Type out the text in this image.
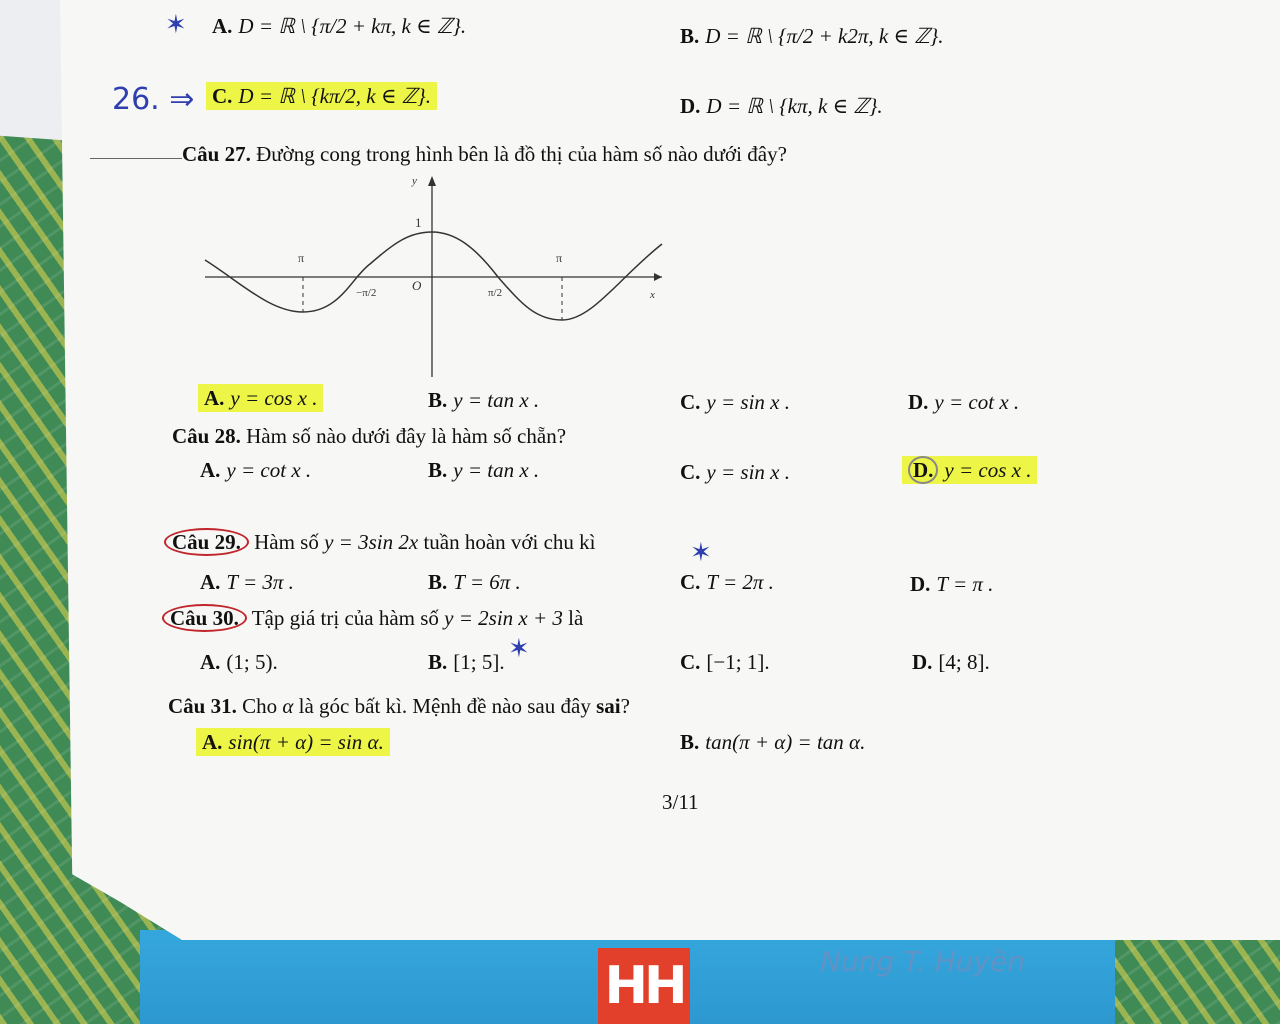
HH	Nung T. Huyền
✶ A. D = ℝ \ {π/2 + kπ, k ∈ ℤ}.	B. D = ℝ \ {π/2 + k2π, k ∈ ℤ}.
26. ⇒ C. D = ℝ \ {kπ/2, k ∈ ℤ}.	D. D = ℝ \ {kπ, k ∈ ℤ}.
Câu 27. Đường cong trong hình bên là đồ thị của hàm số nào dưới đây?
y
x
1
O
π	π
−π/2	π/2
A. y = cos x .	B. y = tan x .	C. y = sin x .	D. y = cot x .
Câu 28. Hàm số nào dưới đây là hàm số chẵn?
A. y = cot x .	B. y = tan x .	C. y = sin x .	D. y = cos x .
Câu 29. Hàm số y = 3sin 2x tuần hoàn với chu kì	✶
A. T = 3π .	B. T = 6π .	C. T = 2π .	D. T = π .
Câu 30. Tập giá trị của hàm số y = 2sin x + 3 là
A. (1; 5).	B. [1; 5]. ✶	C. [−1; 1].	D. [4; 8].
Câu 31. Cho α là góc bất kì. Mệnh đề nào sau đây sai?
A. sin(π + α) = sin α.	B. tan(π + α) = tan α.
3/11
